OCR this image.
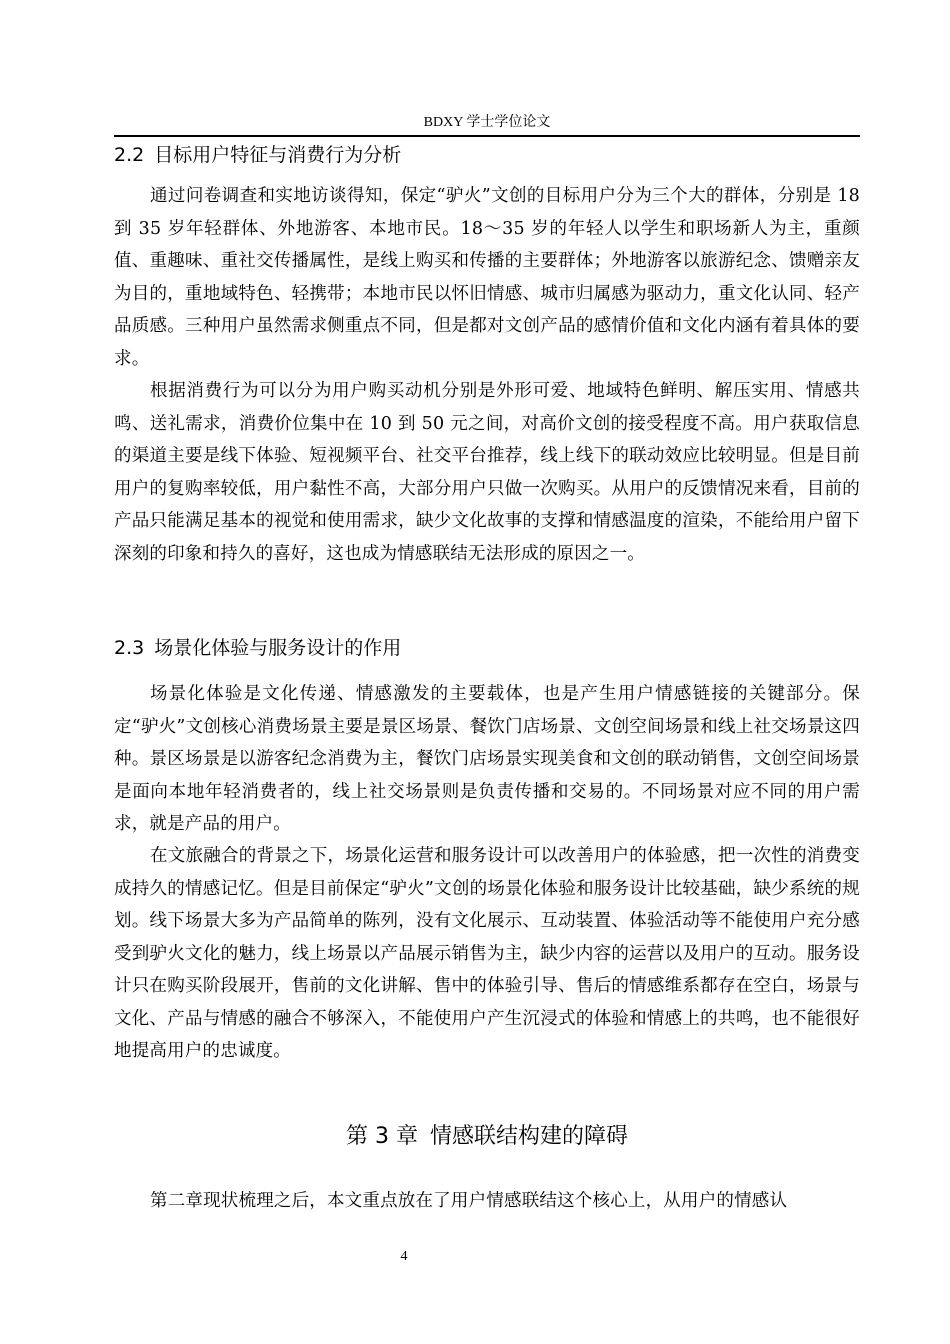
BDXY 学士学位论文
2.2 目标用户特征与消费行为分析

通过问卷调查和实地访谈得知，保定“驴火”文创的目标用户分为三个大的群体，分别是 18 到 35 岁年轻群体、外地游客、本地市民。18～35 岁的年轻人以学生和职场新人为主，重颜值、重趣味、重社交传播属性，是线上购买和传播的主要群体；外地游客以旅游纪念、馈赠亲友为目的，重地域特色、轻携带；本地市民以怀旧情感、城市归属感为驱动力，重文化认同、轻产品质感。三种用户虽然需求侧重点不同，但是都对文创产品的感情价值和文化内涵有着具体的要求。

根据消费行为可以分为用户购买动机分别是外形可爱、地域特色鲜明、解压实用、情感共鸣、送礼需求，消费价位集中在 10 到 50 元之间，对高价文创的接受程度不高。用户获取信息的渠道主要是线下体验、短视频平台、社交平台推荐，线上线下的联动效应比较明显。但是目前用户的复购率较低，用户黏性不高，大部分用户只做一次购买。从用户的反馈情况来看，目前的产品只能满足基本的视觉和使用需求，缺少文化故事的支撑和情感温度的渲染，不能给用户留下深刻的印象和持久的喜好，这也成为情感联结无法形成的原因之一。

2.3 场景化体验与服务设计的作用

场景化体验是文化传递、情感激发的主要载体，也是产生用户情感链接的关键部分。保定“驴火”文创核心消费场景主要是景区场景、餐饮门店场景、文创空间场景和线上社交场景这四种。景区场景是以游客纪念消费为主，餐饮门店场景实现美食和文创的联动销售，文创空间场景是面向本地年轻消费者的，线上社交场景则是负责传播和交易的。不同场景对应不同的用户需求，就是产品的用户。

在文旅融合的背景之下，场景化运营和服务设计可以改善用户的体验感，把一次性的消费变成持久的情感记忆。但是目前保定“驴火”文创的场景化体验和服务设计比较基础，缺少系统的规划。线下场景大多为产品简单的陈列，没有文化展示、互动装置、体验活动等不能使用户充分感受到驴火文化的魅力，线上场景以产品展示销售为主，缺少内容的运营以及用户的互动。服务设计只在购买阶段展开，售前的文化讲解、售中的体验引导、售后的情感维系都存在空白，场景与文化、产品与情感的融合不够深入，不能使用户产生沉浸式的体验和情感上的共鸣，也不能很好地提高用户的忠诚度。

第 3 章 情感联结构建的障碍

第二章现状梳理之后，本文重点放在了用户情感联结这个核心上，从用户的情感认

4
